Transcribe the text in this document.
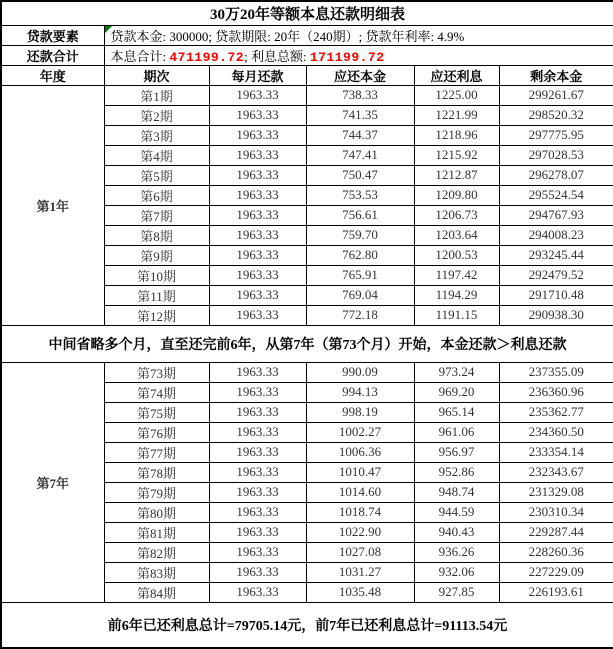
30万20年等额本息还款明细表					
贷款要素	贷款本金: 300000; 贷款期限: 20年（240期）; 贷款年利率: 4.9%				
还款合计	本息合计: 471199.72; 利息总额: 171199.72				
年度	期次	每月还款	应还本金	应还利息	剩余本金
第1年	第1期	1963.33	738.33	1225.00	299261.67
	第2期	1963.33	741.35	1221.99	298520.32
	第3期	1963.33	744.37	1218.96	297775.95
	第4期	1963.33	747.41	1215.92	297028.53
	第5期	1963.33	750.47	1212.87	296278.07
	第6期	1963.33	753.53	1209.80	295524.54
	第7期	1963.33	756.61	1206.73	294767.93
	第8期	1963.33	759.70	1203.64	294008.23
	第9期	1963.33	762.80	1200.53	293245.44
	第10期	1963.33	765.91	1197.42	292479.52
	第11期	1963.33	769.04	1194.29	291710.48
	第12期	1963.33	772.18	1191.15	290938.30
中间省略多个月，直至还完前6年，从第7年（第73个月）开始，本金还款＞利息还款					
第7年	第73期	1963.33	990.09	973.24	237355.09
	第74期	1963.33	994.13	969.20	236360.96
	第75期	1963.33	998.19	965.14	235362.77
	第76期	1963.33	1002.27	961.06	234360.50
	第77期	1963.33	1006.36	956.97	233354.14
	第78期	1963.33	1010.47	952.86	232343.67
	第79期	1963.33	1014.60	948.74	231329.08
	第80期	1963.33	1018.74	944.59	230310.34
	第81期	1963.33	1022.90	940.43	229287.44
	第82期	1963.33	1027.08	936.26	228260.36
	第83期	1963.33	1031.27	932.06	227229.09
	第84期	1963.33	1035.48	927.85	226193.61
前6年已还利息总计=79705.14元，前7年已还利息总计=91113.54元					
